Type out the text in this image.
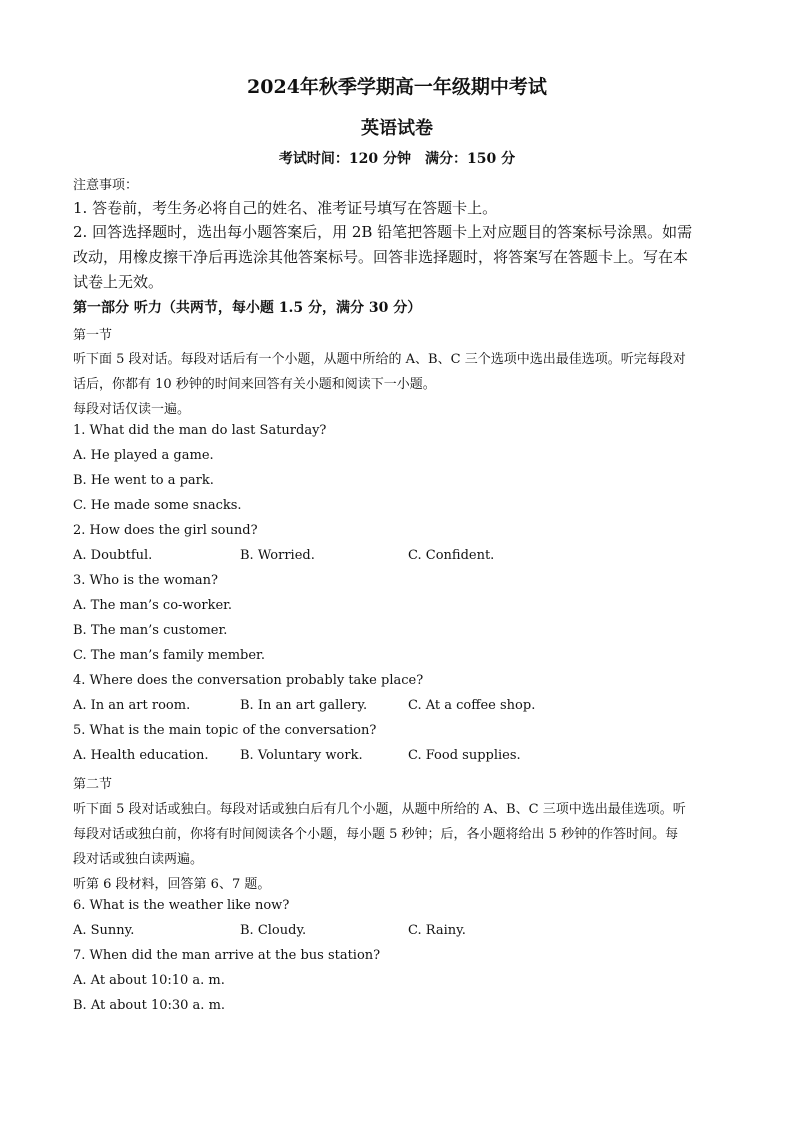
2024年秋季学期高一年级期中考试
英语试卷
考试时间：120 分钟　满分：150 分
注意事项：
1. 答卷前，考生务必将自己的姓名、准考证号填写在答题卡上。
2. 回答选择题时，选出每小题答案后，用 2B 铅笔把答题卡上对应题目的答案标号涂黑。如需
改动，用橡皮擦干净后再选涂其他答案标号。回答非选择题时，将答案写在答题卡上。写在本
试卷上无效。
第一部分 听力（共两节，每小题 1.5 分，满分 30 分）
第一节
听下面 5 段对话。每段对话后有一个小题，从题中所给的 A、B、C 三个选项中选出最佳选项。听完每段对
话后，你都有 10 秒钟的时间来回答有关小题和阅读下一小题。
每段对话仅读一遍。
1. What did the man do last Saturday?
A. He played a game.
B. He went to a park.
C. He made some snacks.
2. How does the girl sound?
A. Doubtful.	B. Worried.	C. Confident.
3. Who is the woman?
A. The man’s co-worker.
B. The man’s customer.
C. The man’s family member.
4. Where does the conversation probably take place?
A. In an art room.	B. In an art gallery.	C. At a coffee shop.
5. What is the main topic of the conversation?
A. Health education. B. Voluntary work.	C. Food supplies.
第二节
听下面 5 段对话或独白。每段对话或独白后有几个小题，从题中所给的 A、B、C 三项中选出最佳选项。听
每段对话或独白前，你将有时间阅读各个小题，每小题 5 秒钟；后，各小题将给出 5 秒钟的作答时间。每
段对话或独白读两遍。
听第 6 段材料，回答第 6、7 题。
6. What is the weather like now?
A. Sunny.	B. Cloudy.	C. Rainy.
7. When did the man arrive at the bus station?
A. At about 10:10 a. m.
B. At about 10:30 a. m.
